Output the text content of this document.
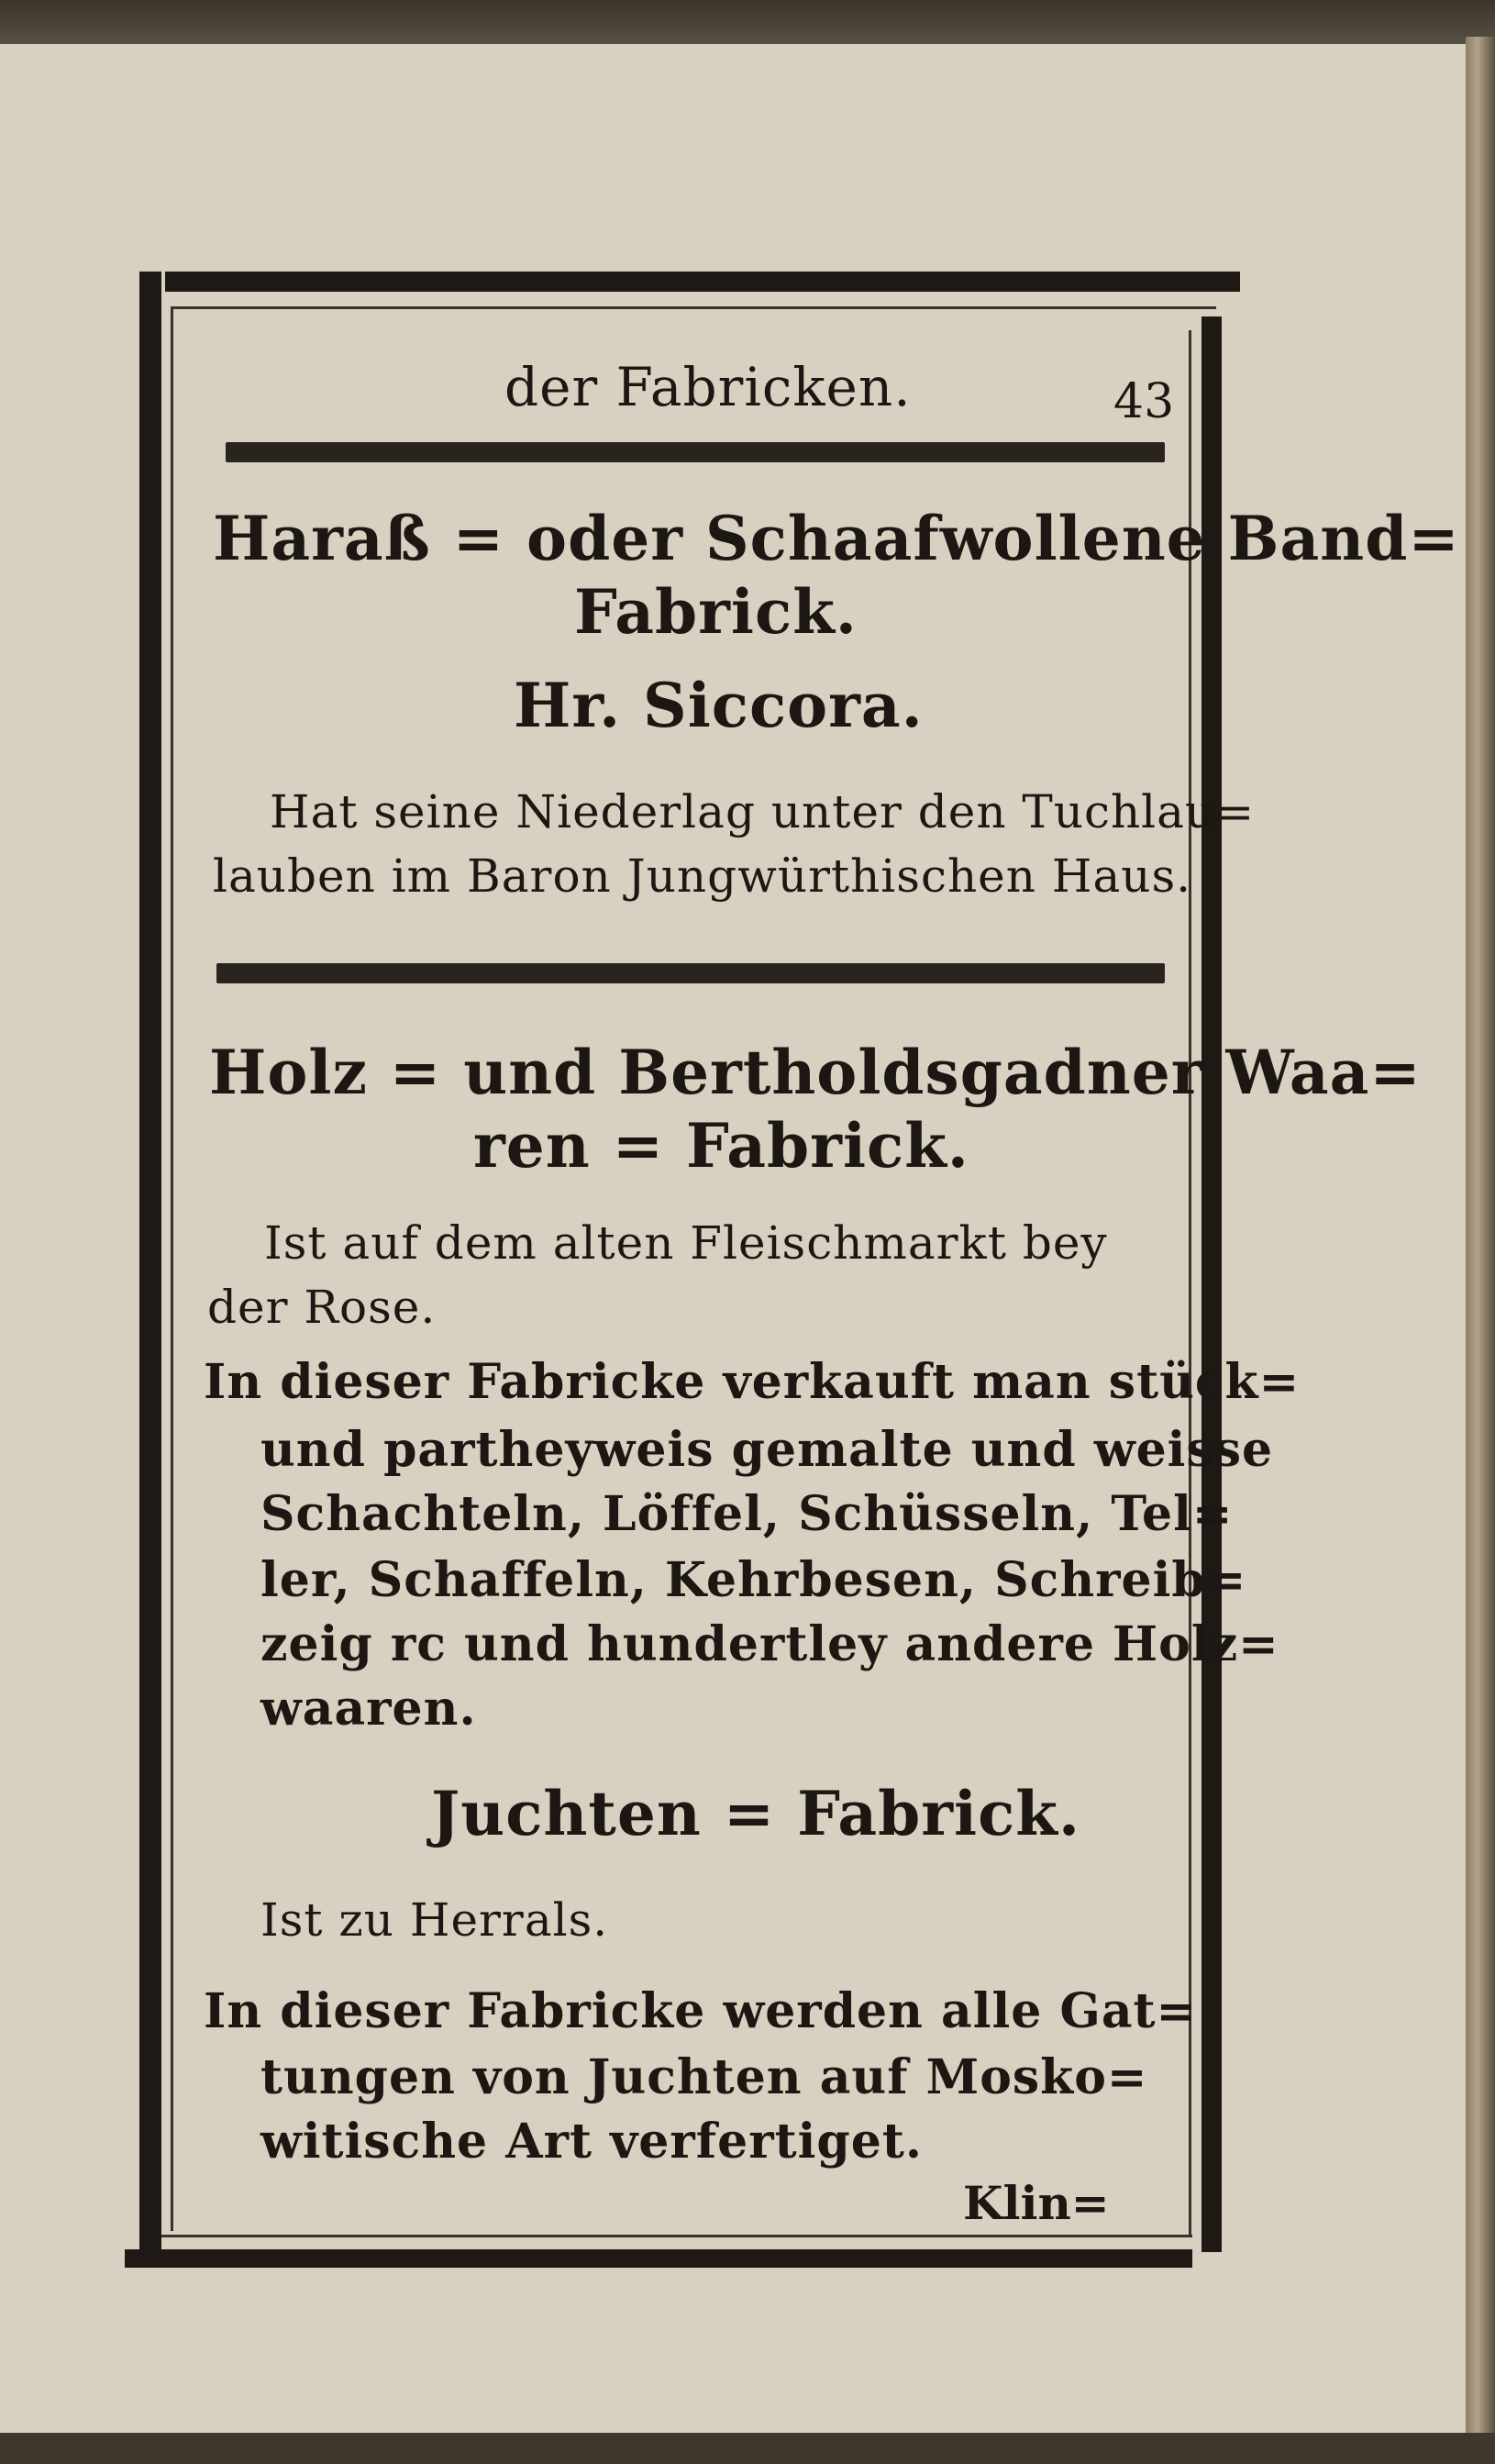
der Fabricken.	43
Haraß = oder Schaafwollene Band=
Fabrick.
Hr. Siccora.
Hat seine Niederlag unter den Tuchlau=
lauben im Baron Jungwürthischen Haus.
Holz = und Bertholdsgadner Waa=
ren = Fabrick.
Ist auf dem alten Fleischmarkt bey
der Rose.
In dieser Fabricke verkauft man stück=
und partheyweis gemalte und weisse
Schachteln, Löffel, Schüsseln, Tel=
ler, Schaffeln, Kehrbesen, Schreib=
zeig rc und hundertley andere Holz=
waaren.
Juchten = Fabrick.
Ist zu Herrals.
In dieser Fabricke werden alle Gat=
tungen von Juchten auf Mosko=
witische Art verfertiget.
Klin=
